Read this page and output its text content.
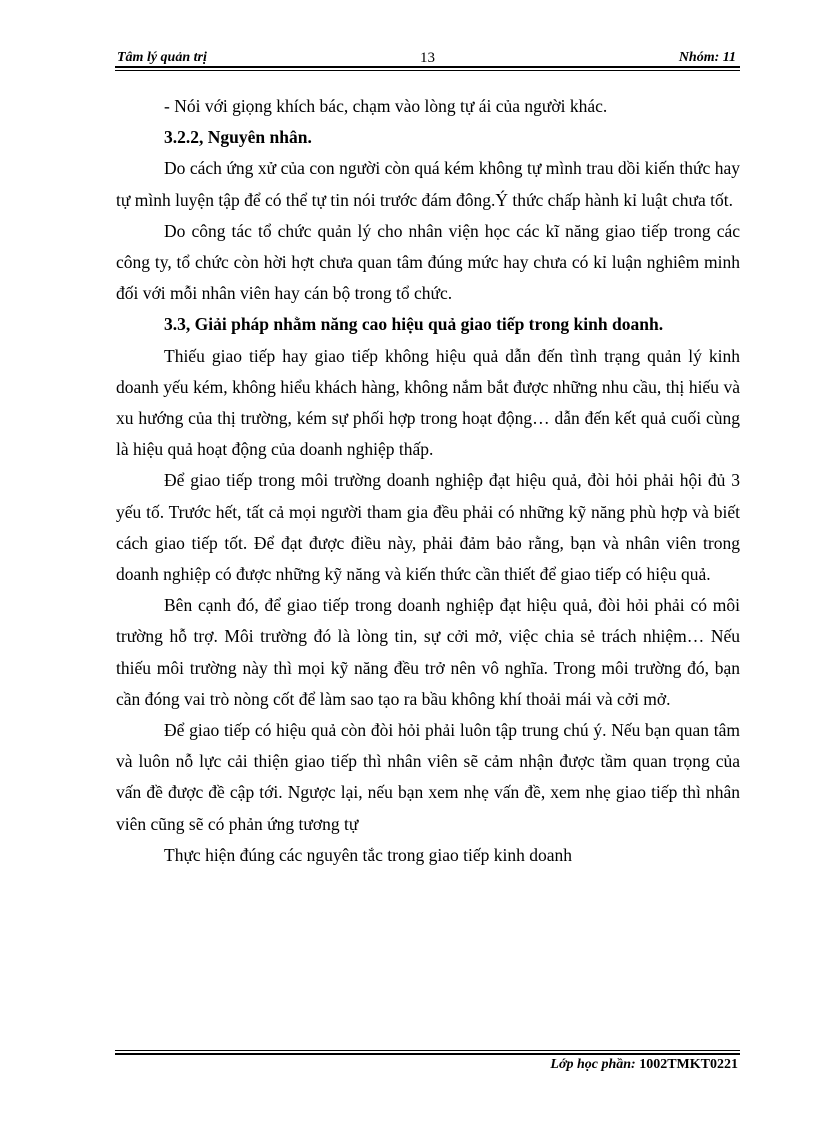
Tâm lý quản trị	13	Nhóm: 11

- Nói với giọng khích bác, chạm vào lòng tự ái của người khác.

3.2.2, Nguyên nhân.

Do cách ứng xử của con người còn quá kém không tự mình trau dồi kiến thức hay tự mình luyện tập để có thể tự tin nói trước đám đông.Ý thức chấp hành kỉ luật chưa tốt.

Do công tác tổ chức quản lý cho nhân viện học các kĩ năng giao tiếp trong các công ty, tổ chức còn hời hợt chưa quan tâm đúng mức hay chưa có kỉ luận nghiêm minh đối với mỗi nhân viên hay cán bộ trong tổ chức.

3.3, Giải pháp nhằm năng cao hiệu quả giao tiếp trong kinh doanh.

Thiếu giao tiếp hay giao tiếp không hiệu quả dẫn đến tình trạng quản lý kinh doanh yếu kém, không hiểu khách hàng, không nắm bắt được những nhu cầu, thị hiếu và xu hướng của thị trường, kém sự phối hợp trong hoạt động… dẫn đến kết quả cuối cùng là hiệu quả hoạt động của doanh nghiệp thấp.

Để giao tiếp trong môi trường doanh nghiệp đạt hiệu quả, đòi hỏi phải hội đủ 3 yếu tố. Trước hết, tất cả mọi người tham gia đều phải có những kỹ năng phù hợp và biết cách giao tiếp tốt. Để đạt được điều này, phải đảm bảo rằng, bạn và nhân viên trong doanh nghiệp có được những kỹ năng và kiến thức cần thiết để giao tiếp có hiệu quả.

Bên cạnh đó, để giao tiếp trong doanh nghiệp đạt hiệu quả, đòi hỏi phải có môi trường hỗ trợ. Môi trường đó là lòng tin, sự cởi mở, việc chia sẻ trách nhiệm… Nếu thiếu môi trường này thì mọi kỹ năng đều trở nên vô nghĩa. Trong môi trường đó, bạn cần đóng vai trò nòng cốt để làm sao tạo ra bầu không khí thoải mái và cởi mở.

Để giao tiếp có hiệu quả còn đòi hỏi phải luôn tập trung chú ý. Nếu bạn quan tâm và luôn nỗ lực cải thiện giao tiếp thì nhân viên sẽ cảm nhận được tầm quan trọng của vấn đề được đề cập tới. Ngược lại, nếu bạn xem nhẹ vấn đề, xem nhẹ giao tiếp thì nhân viên cũng sẽ có phản ứng tương tự

Thực hiện đúng các nguyên tắc trong giao tiếp kinh doanh

Lớp học phần: 1002TMKT0221
